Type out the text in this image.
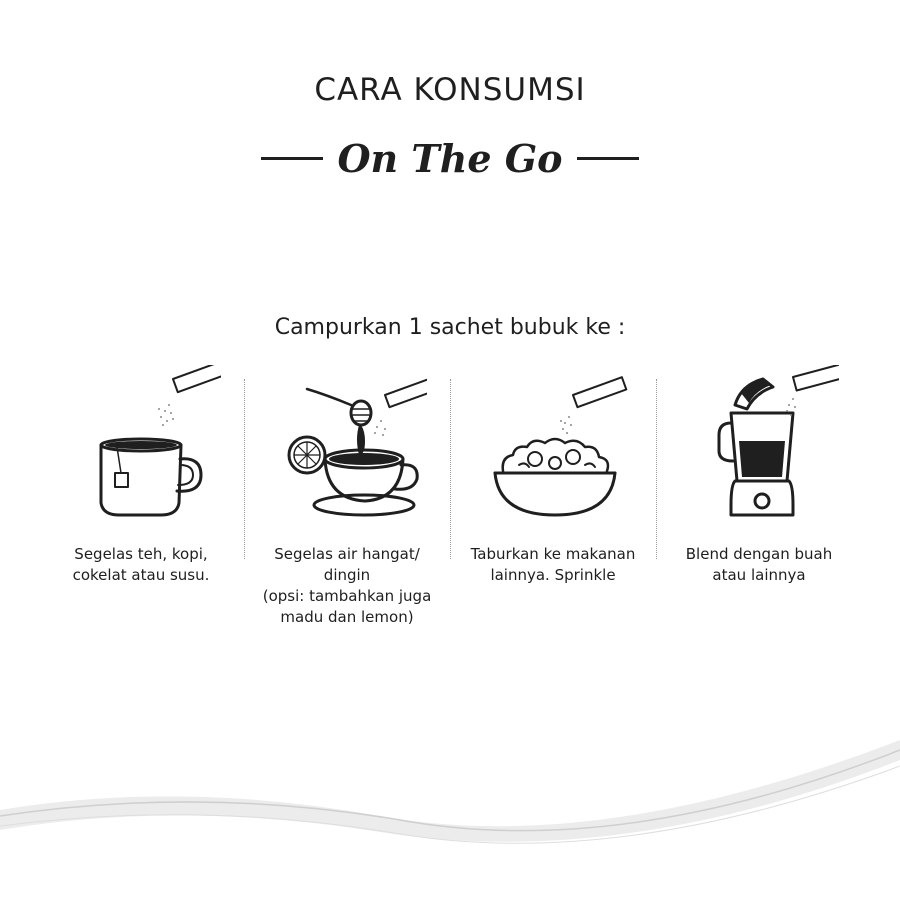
CARA KONSUMSI
On The Go
Campurkan 1 sachet bubuk ke :
Segelas teh, kopi,
cokelat atau susu.
Segelas air hangat/
dingin
(opsi: tambahkan juga
madu dan lemon)
Taburkan ke makanan
lainnya. Sprinkle
Blend dengan buah
atau lainnya
